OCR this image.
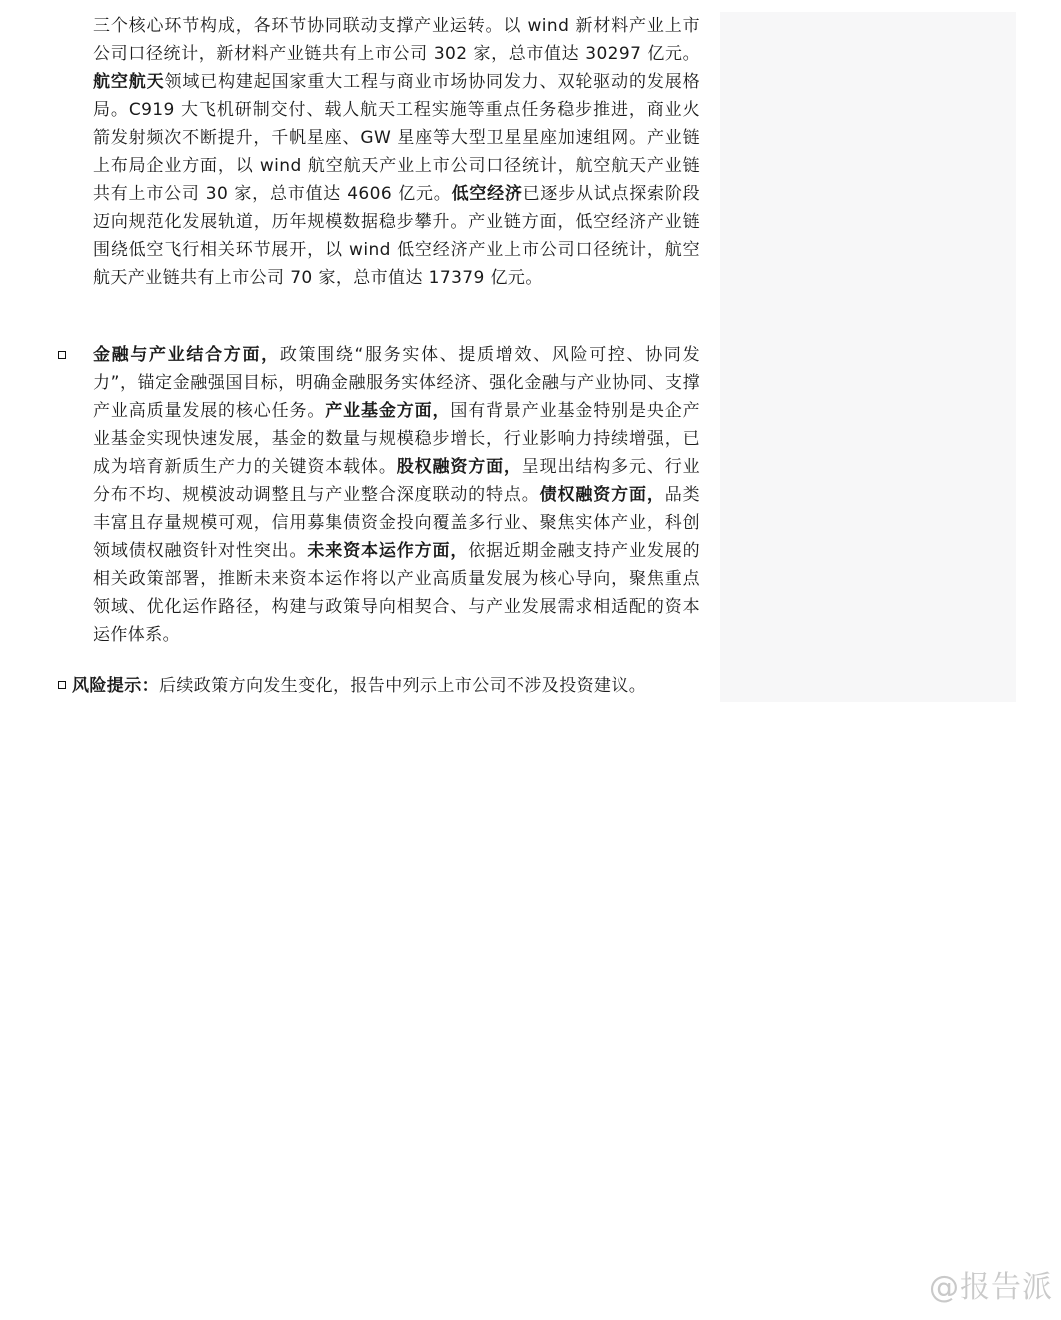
三个核心环节构成，各环节协同联动支撑产业运转。以 wind 新材料产业上市公司口径统计，新材料产业链共有上市公司 302 家，总市值达 30297 亿元。航空航天领域已构建起国家重大工程与商业市场协同发力、双轮驱动的发展格局。C919 大飞机研制交付、载人航天工程实施等重点任务稳步推进，商业火箭发射频次不断提升，千帆星座、GW 星座等大型卫星星座加速组网。产业链上布局企业方面，以 wind 航空航天产业上市公司口径统计，航空航天产业链共有上市公司 30 家，总市值达 4606 亿元。低空经济已逐步从试点探索阶段迈向规范化发展轨道，历年规模数据稳步攀升。产业链方面，低空经济产业链围绕低空飞行相关环节展开，以 wind 低空经济产业上市公司口径统计，航空航天产业链共有上市公司 70 家，总市值达 17379 亿元。

金融与产业结合方面，政策围绕“服务实体、提质增效、风险可控、协同发力”，锚定金融强国目标，明确金融服务实体经济、强化金融与产业协同、支撑产业高质量发展的核心任务。产业基金方面，国有背景产业基金特别是央企产业基金实现快速发展，基金的数量与规模稳步增长，行业影响力持续增强，已成为培育新质生产力的关键资本载体。股权融资方面，呈现出结构多元、行业分布不均、规模波动调整且与产业整合深度联动的特点。债权融资方面，品类丰富且存量规模可观，信用募集债资金投向覆盖多行业、聚焦实体产业，科创领域债权融资针对性突出。未来资本运作方面，依据近期金融支持产业发展的相关政策部署，推断未来资本运作将以产业高质量发展为核心导向，聚焦重点领域、优化运作路径，构建与政策导向相契合、与产业发展需求相适配的资本运作体系。

风险提示：后续政策方向发生变化，报告中列示上市公司不涉及投资建议。
@报告派
